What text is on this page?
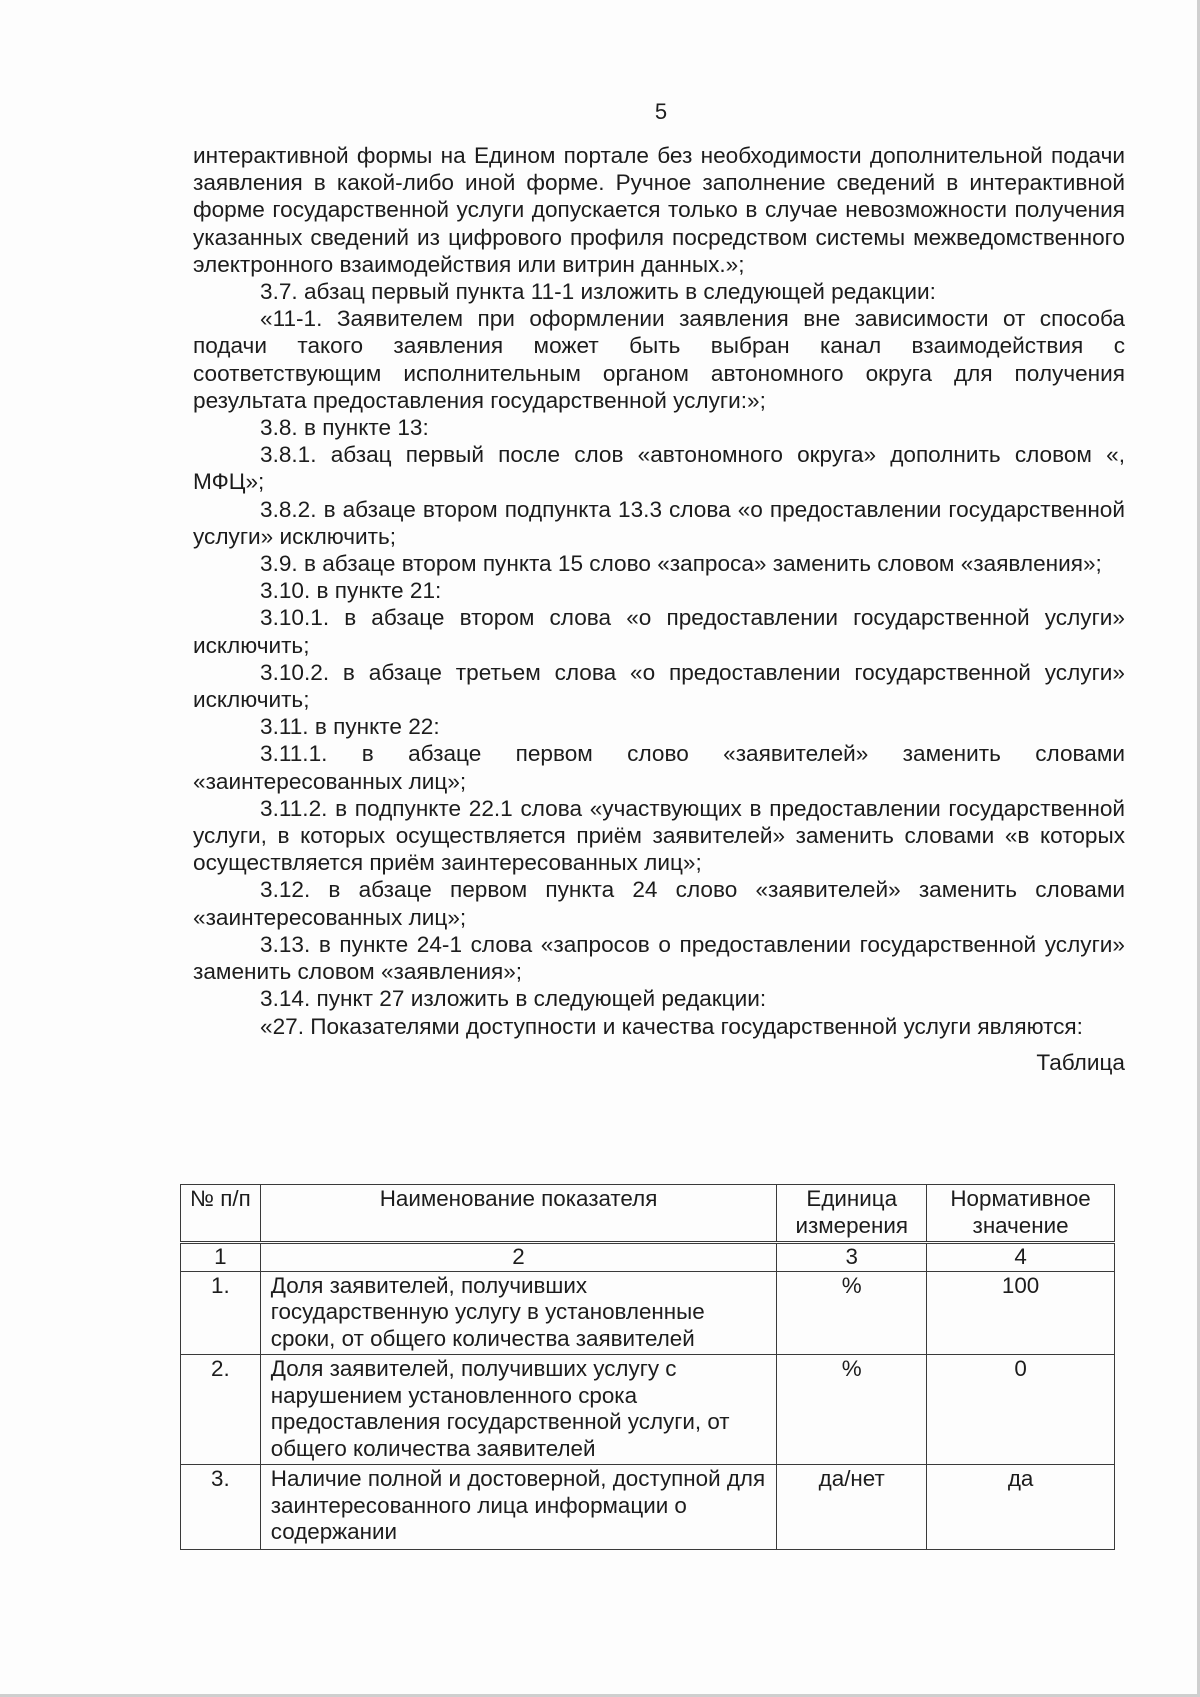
5

интерактивной формы на Едином портале без необходимости дополнительной подачи заявления в какой-либо иной форме. Ручное заполнение сведений в интерактивной форме государственной услуги допускается только в случае невозможности получения указанных сведений из цифрового профиля посредством системы межведомственного электронного взаимодействия или витрин данных.»;

3.7. абзац первый пункта 11-1 изложить в следующей редакции:

«11-1. Заявителем при оформлении заявления вне зависимости от способа подачи такого заявления может быть выбран канал взаимодействия с соответствующим исполнительным органом автономного округа для получения результата предоставления государственной услуги:»;

3.8. в пункте 13:

3.8.1. абзац первый после слов «автономного округа» дополнить словом «, МФЦ»;

3.8.2. в абзаце втором подпункта 13.3 слова «о предоставлении государственной услуги» исключить;

3.9. в абзаце втором пункта 15 слово «запроса» заменить словом «заявления»;

3.10. в пункте 21:

3.10.1. в абзаце втором слова «о предоставлении государственной услуги» исключить;

3.10.2. в абзаце третьем слова «о предоставлении государственной услуги» исключить;

3.11. в пункте 22:

3.11.1. в абзаце первом слово «заявителей» заменить словами «заинтересованных лиц»;

3.11.2. в подпункте 22.1 слова «участвующих в предоставлении государственной услуги, в которых осуществляется приём заявителей» заменить словами «в которых осуществляется приём заинтересованных лиц»;

3.12. в абзаце первом пункта 24 слово «заявителей» заменить словами «заинтересованных лиц»;

3.13. в пункте 24-1 слова «запросов о предоставлении государственной услуги» заменить словом «заявления»;

3.14. пункт 27 изложить в следующей редакции:

«27. Показателями доступности и качества государственной услуги являются:

Таблица

№ п/п	Наименование показателя	Единица измерения	Нормативное значение
1	2	3	4
1.	Доля заявителей, получивших государственную услугу в установленные сроки, от общего количества заявителей	%	100
2.	Доля заявителей, получивших услугу с нарушением установленного срока предоставления государственной услуги, от общего количества заявителей	%	0
3.	Наличие полной и достоверной, доступной для заинтересованного лица информации о содержании	да/нет	да
